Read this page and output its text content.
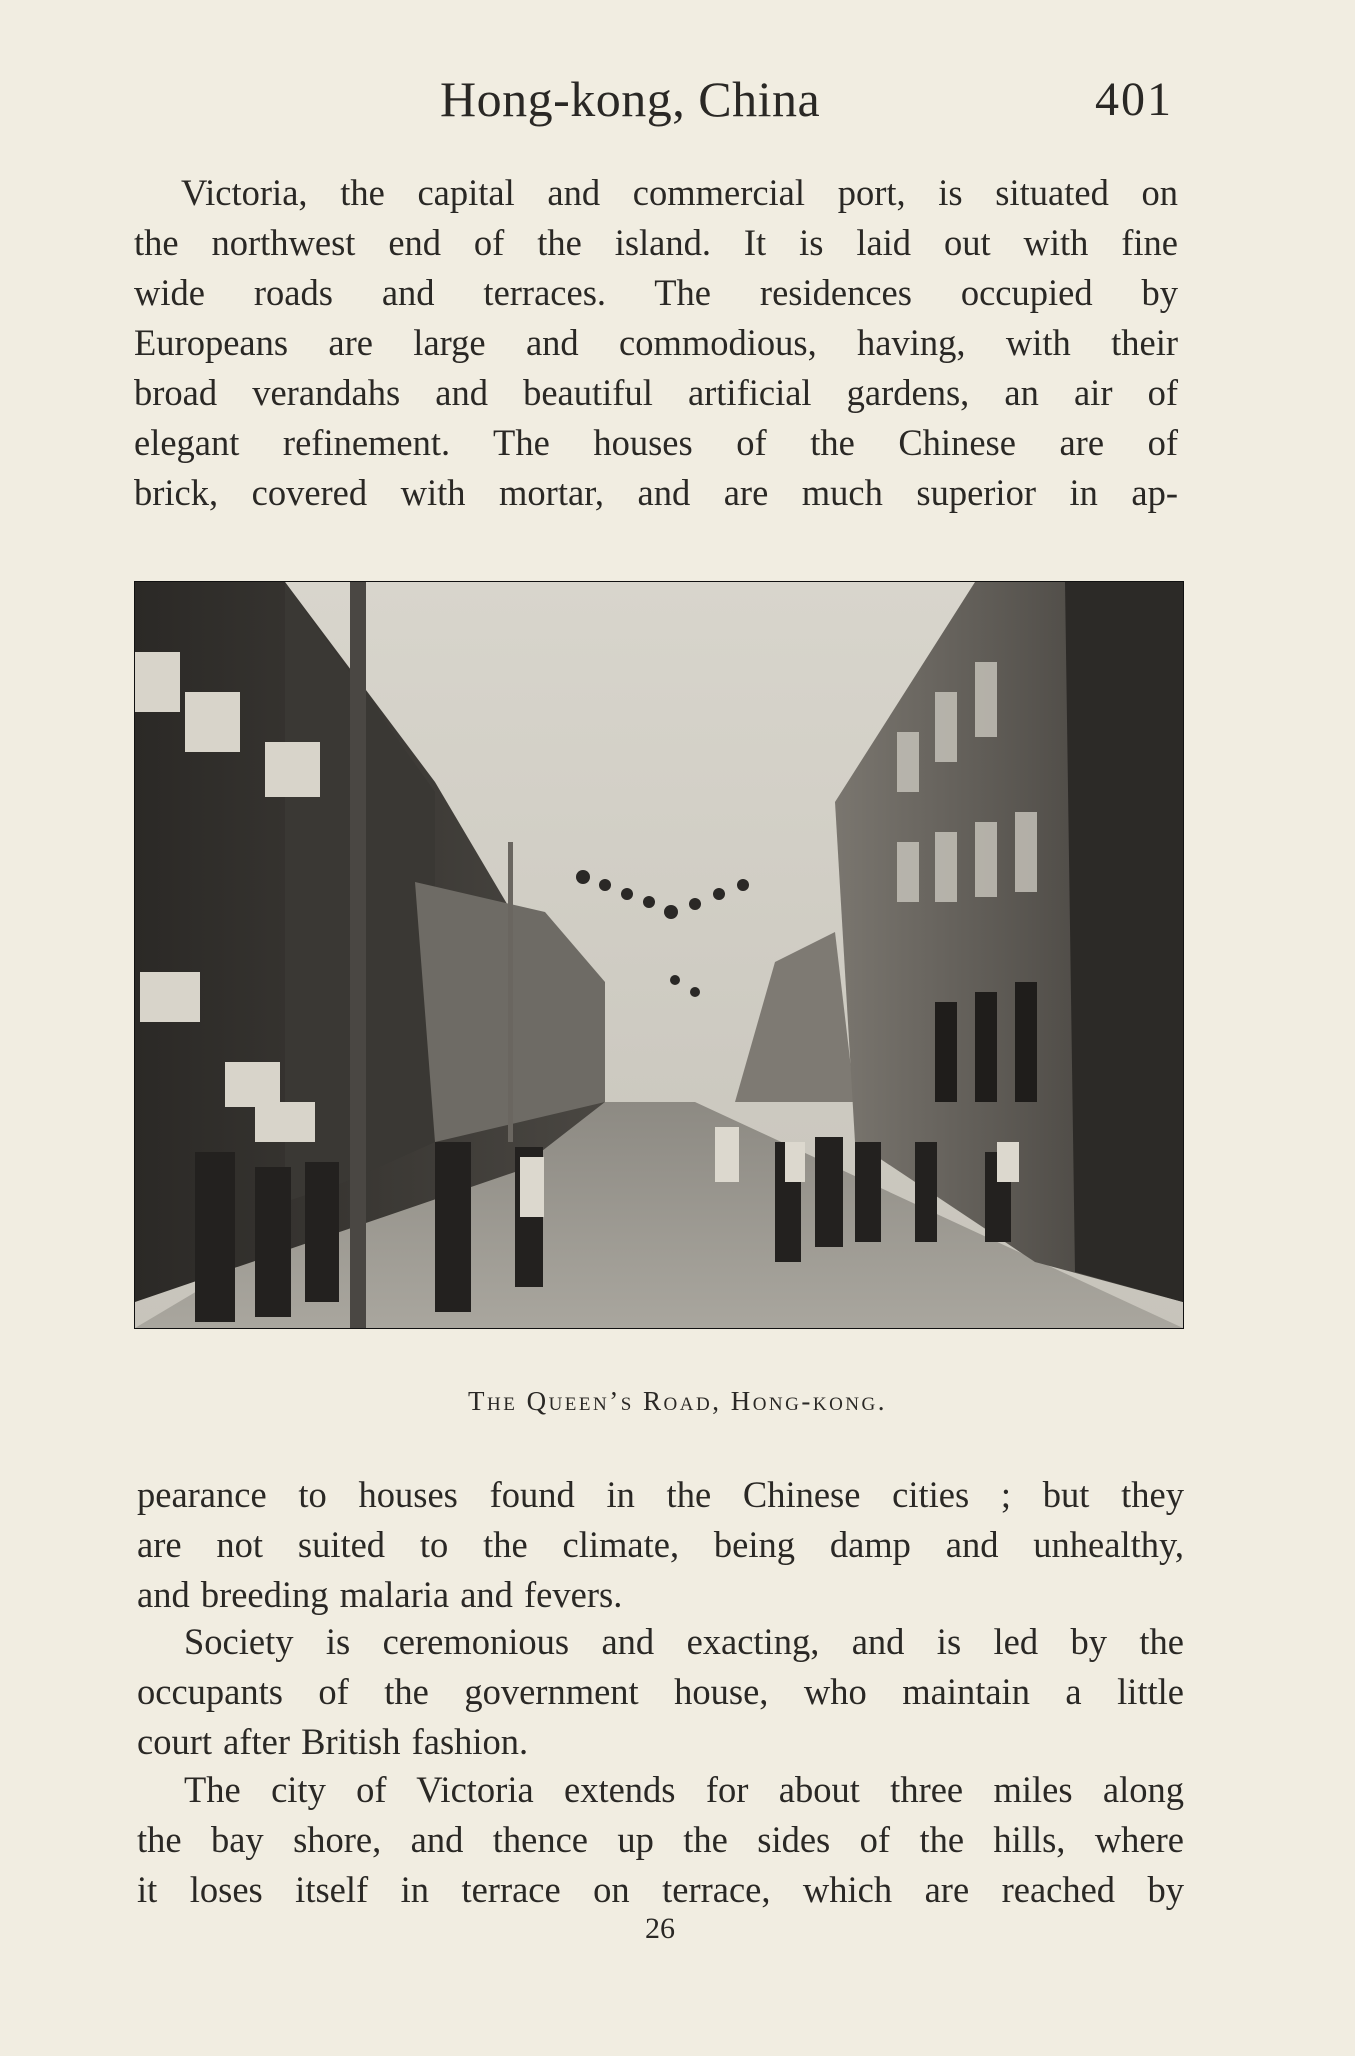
Hong-kong, China	401
Victoria, the capital and commercial port, is situated on
the northwest end of the island. It is laid out with fine
wide roads and terraces. The residences occupied by
Europeans are large and commodious, having, with their
broad verandahs and beautiful artificial gardens, an air of
elegant refinement. The houses of the Chinese are of
brick, covered with mortar, and are much superior in ap-
The Queen’s Road, Hong-kong.
pearance to houses found in the Chinese cities ; but they
are not suited to the climate, being damp and unhealthy,
and breeding malaria and fevers.
Society is ceremonious and exacting, and is led by the
occupants of the government house, who maintain a little
court after British fashion.
The city of Victoria extends for about three miles along
the bay shore, and thence up the sides of the hills, where
it loses itself in terrace on terrace, which are reached by
26
